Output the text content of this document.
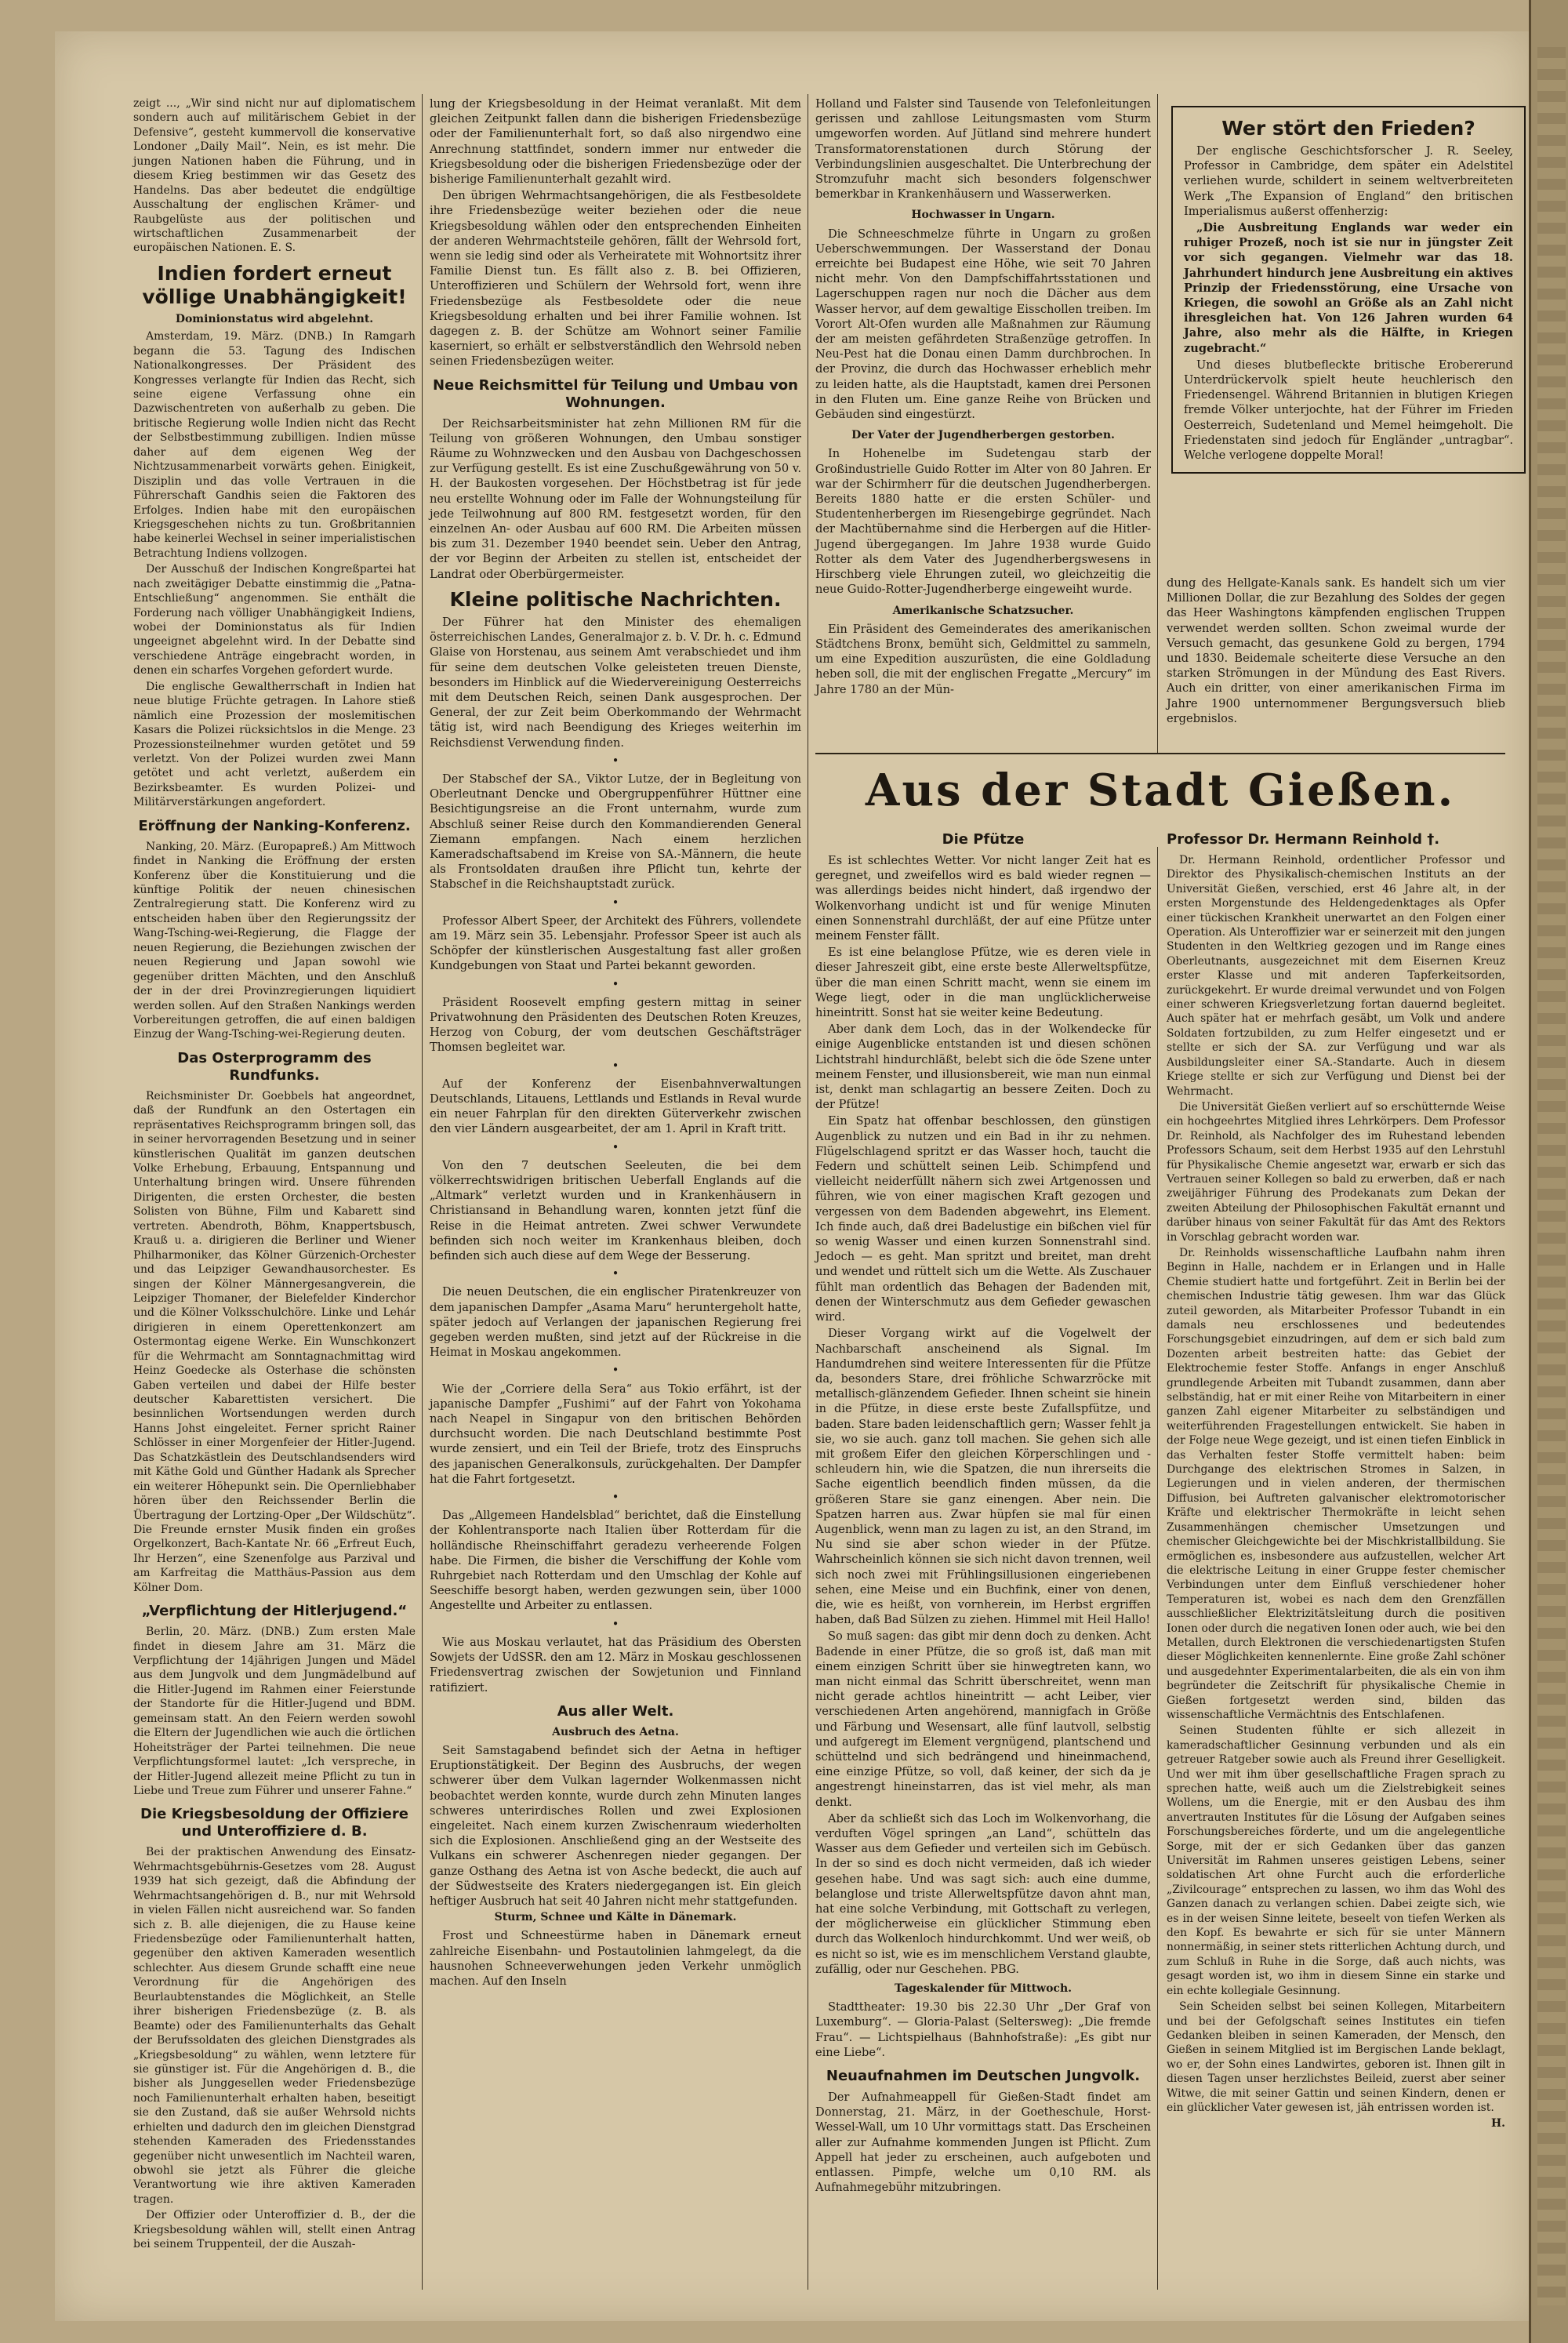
zeigt ..., „Wir sind nicht nur auf diplomatischem sondern auch auf militärischem Gebiet in der Defensive“, gesteht kummervoll die konservative Londoner „Daily Mail“. Nein, es ist mehr. Die jungen Nationen haben die Führung, und in diesem Krieg bestimmen wir das Gesetz des Handelns. Das aber bedeutet die endgültige Ausschaltung der englischen Krämer- und Raubgelüste aus der politischen und wirtschaftlichen Zusammenarbeit der europäischen Nationen. E. S.

Indien fordert erneut völlige Unabhängigkeit!
Dominionstatus wird abgelehnt.

Amsterdam, 19. März. (DNB.) In Ramgarh begann die 53. Tagung des Indischen Nationalkongresses. Der Präsident des Kongresses verlangte für Indien das Recht, sich seine eigene Verfassung ohne ein Dazwischentreten von außerhalb zu geben. Die britische Regierung wolle Indien nicht das Recht der Selbstbestimmung zubilligen. Indien müsse daher auf dem eigenen Weg der Nichtzusammenarbeit vorwärts gehen. Einigkeit, Disziplin und das volle Vertrauen in die Führerschaft Gandhis seien die Faktoren des Erfolges. Indien habe mit den europäischen Kriegsgeschehen nichts zu tun. Großbritannien habe keinerlei Wechsel in seiner imperialistischen Betrachtung Indiens vollzogen.

Der Ausschuß der Indischen Kongreßpartei hat nach zweitägiger Debatte einstimmig die „Patna-Entschließung“ angenommen. Sie enthält die Forderung nach völliger Unabhängigkeit Indiens, wobei der Dominionstatus als für Indien ungeeignet abgelehnt wird. In der Debatte sind verschiedene Anträge eingebracht worden, in denen ein scharfes Vorgehen gefordert wurde.

Die englische Gewaltherrschaft in Indien hat neue blutige Früchte getragen. In Lahore stieß nämlich eine Prozession der moslemitischen Kasars die Polizei rücksichtslos in die Menge. 23 Prozessionsteilnehmer wurden getötet und 59 verletzt. Von der Polizei wurden zwei Mann getötet und acht verletzt, außerdem ein Bezirksbeamter. Es wurden Polizei- und Militärverstärkungen angefordert.

Eröffnung der Nanking-Konferenz.

Nanking, 20. März. (Europapreß.) Am Mittwoch findet in Nanking die Eröffnung der ersten Konferenz über die Konstituierung und die künftige Politik der neuen chinesischen Zentralregierung statt. Die Konferenz wird zu entscheiden haben über den Regierungssitz der Wang-Tsching-wei-Regierung, die Flagge der neuen Regierung, die Beziehungen zwischen der neuen Regierung und Japan sowohl wie gegenüber dritten Mächten, und den Anschluß der in der drei Provinzregierungen liquidiert werden sollen. Auf den Straßen Nankings werden Vorbereitungen getroffen, die auf einen baldigen Einzug der Wang-Tsching-wei-Regierung deuten.

Das Osterprogramm des Rundfunks.

Reichsminister Dr. Goebbels hat angeordnet, daß der Rundfunk an den Ostertagen ein repräsentatives Reichsprogramm bringen soll, das in seiner hervorragenden Besetzung und in seiner künstlerischen Qualität im ganzen deutschen Volke Erhebung, Erbauung, Entspannung und Unterhaltung bringen wird. Unsere führenden Dirigenten, die ersten Orchester, die besten Solisten von Bühne, Film und Kabarett sind vertreten. Abendroth, Böhm, Knappertsbusch, Krauß u. a. dirigieren die Berliner und Wiener Philharmoniker, das Kölner Gürzenich-Orchester und das Leipziger Gewandhausorchester. Es singen der Kölner Männergesangverein, die Leipziger Thomaner, der Bielefelder Kinderchor und die Kölner Volksschulchöre. Linke und Lehár dirigieren in einem Operettenkonzert am Ostermontag eigene Werke. Ein Wunschkonzert für die Wehrmacht am Sonntagnachmittag wird Heinz Goedecke als Osterhase die schönsten Gaben verteilen und dabei der Hilfe bester deutscher Kabarettisten versichert. Die besinnlichen Wortsendungen werden durch Hanns Johst eingeleitet. Ferner spricht Rainer Schlösser in einer Morgenfeier der Hitler-Jugend. Das Schatzkästlein des Deutschlandsenders wird mit Käthe Gold und Günther Hadank als Sprecher ein weiterer Höhepunkt sein. Die Opernliebhaber hören über den Reichssender Berlin die Übertragung der Lortzing-Oper „Der Wildschütz“. Die Freunde ernster Musik finden ein großes Orgelkonzert, Bach-Kantate Nr. 66 „Erfreut Euch, Ihr Herzen“, eine Szenenfolge aus Parzival und am Karfreitag die Matthäus-Passion aus dem Kölner Dom.

„Verpflichtung der Hitlerjugend.“

Berlin, 20. März. (DNB.) Zum ersten Male findet in diesem Jahre am 31. März die Verpflichtung der 14jährigen Jungen und Mädel aus dem Jungvolk und dem Jungmädelbund auf die Hitler-Jugend im Rahmen einer Feierstunde der Standorte für die Hitler-Jugend und BDM. gemeinsam statt. An den Feiern werden sowohl die Eltern der Jugendlichen wie auch die örtlichen Hoheitsträger der Partei teilnehmen. Die neue Verpflichtungsformel lautet: „Ich verspreche, in der Hitler-Jugend allezeit meine Pflicht zu tun in Liebe und Treue zum Führer und unserer Fahne.“

Die Kriegsbesoldung der Offiziere und Unteroffiziere d. B.

Bei der praktischen Anwendung des Einsatz-Wehrmachtsgebührnis-Gesetzes vom 28. August 1939 hat sich gezeigt, daß die Abfindung der Wehrmachtsangehörigen d. B., nur mit Wehrsold in vielen Fällen nicht ausreichend war. So fanden sich z. B. alle diejenigen, die zu Hause keine Friedensbezüge oder Familienunterhalt hatten, gegenüber den aktiven Kameraden wesentlich schlechter. Aus diesem Grunde schafft eine neue Verordnung für die Angehörigen des Beurlaubtenstandes die Möglichkeit, an Stelle ihrer bisherigen Friedensbezüge (z. B. als Beamte) oder des Familienunterhalts das Gehalt der Berufssoldaten des gleichen Dienstgrades als „Kriegsbesoldung“ zu wählen, wenn letztere für sie günstiger ist. Für die Angehörigen d. B., die bisher als Junggesellen weder Friedensbezüge noch Familienunterhalt erhalten haben, beseitigt sie den Zustand, daß sie außer Wehrsold nichts erhielten und dadurch den im gleichen Dienstgrad stehenden Kameraden des Friedensstandes gegenüber nicht unwesentlich im Nachteil waren, obwohl sie jetzt als Führer die gleiche Verantwortung wie ihre aktiven Kameraden tragen.

Der Offizier oder Unteroffizier d. B., der die Kriegsbesoldung wählen will, stellt einen Antrag bei seinem Truppenteil, der die Auszah-

lung der Kriegsbesoldung in der Heimat veranlaßt. Mit dem gleichen Zeitpunkt fallen dann die bisherigen Friedensbezüge oder der Familienunterhalt fort, so daß also nirgendwo eine Anrechnung stattfindet, sondern immer nur entweder die Kriegsbesoldung oder die bisherigen Friedensbezüge oder der bisherige Familienunterhalt gezahlt wird.

Den übrigen Wehrmachtsangehörigen, die als Festbesoldete ihre Friedensbezüge weiter beziehen oder die neue Kriegsbesoldung wählen oder den entsprechenden Einheiten der anderen Wehrmachtsteile gehören, fällt der Wehrsold fort, wenn sie ledig sind oder als Verheiratete mit Wohnortsitz ihrer Familie Dienst tun. Es fällt also z. B. bei Offizieren, Unteroffizieren und Schülern der Wehrsold fort, wenn ihre Friedensbezüge als Festbesoldete oder die neue Kriegsbesoldung erhalten und bei ihrer Familie wohnen. Ist dagegen z. B. der Schütze am Wohnort seiner Familie kaserniert, so erhält er selbstverständlich den Wehrsold neben seinen Friedensbezügen weiter.

Neue Reichsmittel für Teilung und Umbau von Wohnungen.

Der Reichsarbeitsminister hat zehn Millionen RM für die Teilung von größeren Wohnungen, den Umbau sonstiger Räume zu Wohnzwecken und den Ausbau von Dachgeschossen zur Verfügung gestellt. Es ist eine Zuschußgewährung von 50 v. H. der Baukosten vorgesehen. Der Höchstbetrag ist für jede neu erstellte Wohnung oder im Falle der Wohnungsteilung für jede Teilwohnung auf 800 RM. festgesetzt worden, für den einzelnen An- oder Ausbau auf 600 RM. Die Arbeiten müssen bis zum 31. Dezember 1940 beendet sein. Ueber den Antrag, der vor Beginn der Arbeiten zu stellen ist, entscheidet der Landrat oder Oberbürgermeister.

Kleine politische Nachrichten.

Der Führer hat den Minister des ehemaligen österreichischen Landes, Generalmajor z. b. V. Dr. h. c. Edmund Glaise von Horstenau, aus seinem Amt verabschiedet und ihm für seine dem deutschen Volke geleisteten treuen Dienste, besonders im Hinblick auf die Wiedervereinigung Oesterreichs mit dem Deutschen Reich, seinen Dank ausgesprochen. Der General, der zur Zeit beim Oberkommando der Wehrmacht tätig ist, wird nach Beendigung des Krieges weiterhin im Reichsdienst Verwendung finden.

•

Der Stabschef der SA., Viktor Lutze, der in Begleitung von Oberleutnant Dencke und Obergruppenführer Hüttner eine Besichtigungsreise an die Front unternahm, wurde zum Abschluß seiner Reise durch den Kommandierenden General Ziemann empfangen. Nach einem herzlichen Kameradschaftsabend im Kreise von SA.-Männern, die heute als Frontsoldaten draußen ihre Pflicht tun, kehrte der Stabschef in die Reichshauptstadt zurück.

•

Professor Albert Speer, der Architekt des Führers, vollendete am 19. März sein 35. Lebensjahr. Professor Speer ist auch als Schöpfer der künstlerischen Ausgestaltung fast aller großen Kundgebungen von Staat und Partei bekannt geworden.

•

Präsident Roosevelt empfing gestern mittag in seiner Privatwohnung den Präsidenten des Deutschen Roten Kreuzes, Herzog von Coburg, der vom deutschen Geschäftsträger Thomsen begleitet war.

•

Auf der Konferenz der Eisenbahnverwaltungen Deutschlands, Litauens, Lettlands und Estlands in Reval wurde ein neuer Fahrplan für den direkten Güterverkehr zwischen den vier Ländern ausgearbeitet, der am 1. April in Kraft tritt.

•

Von den 7 deutschen Seeleuten, die bei dem völkerrechtswidrigen britischen Ueberfall Englands auf die „Altmark“ verletzt wurden und in Krankenhäusern in Christiansand in Behandlung waren, konnten jetzt fünf die Reise in die Heimat antreten. Zwei schwer Verwundete befinden sich noch weiter im Krankenhaus bleiben, doch befinden sich auch diese auf dem Wege der Besserung.

•

Die neuen Deutschen, die ein englischer Piratenkreuzer von dem japanischen Dampfer „Asama Maru“ heruntergeholt hatte, später jedoch auf Verlangen der japanischen Regierung frei gegeben werden mußten, sind jetzt auf der Rückreise in die Heimat in Moskau angekommen.

•

Wie der „Corriere della Sera“ aus Tokio erfährt, ist der japanische Dampfer „Fushimi“ auf der Fahrt von Yokohama nach Neapel in Singapur von den britischen Behörden durchsucht worden. Die nach Deutschland bestimmte Post wurde zensiert, und ein Teil der Briefe, trotz des Einspruchs des japanischen Generalkonsuls, zurückgehalten. Der Dampfer hat die Fahrt fortgesetzt.

•

Das „Allgemeen Handelsblad“ berichtet, daß die Einstellung der Kohlentransporte nach Italien über Rotterdam für die holländische Rheinschiffahrt geradezu verheerende Folgen habe. Die Firmen, die bisher die Verschiffung der Kohle vom Ruhrgebiet nach Rotterdam und den Umschlag der Kohle auf Seeschiffe besorgt haben, werden gezwungen sein, über 1000 Angestellte und Arbeiter zu entlassen.

•

Wie aus Moskau verlautet, hat das Präsidium des Obersten Sowjets der UdSSR. den am 12. März in Moskau geschlossenen Friedensvertrag zwischen der Sowjetunion und Finnland ratifiziert.

Aus aller Welt.
Ausbruch des Aetna.

Seit Samstagabend befindet sich der Aetna in heftiger Eruptionstätigkeit. Der Beginn des Ausbruchs, der wegen schwerer über dem Vulkan lagernder Wolkenmassen nicht beobachtet werden konnte, wurde durch zehn Minuten langes schweres unterirdisches Rollen und zwei Explosionen eingeleitet. Nach einem kurzen Zwischenraum wiederholten sich die Explosionen. Anschließend ging an der Westseite des Vulkans ein schwerer Aschenregen nieder gegangen. Der ganze Osthang des Aetna ist von Asche bedeckt, die auch auf der Südwestseite des Kraters niedergegangen ist. Ein gleich heftiger Ausbruch hat seit 40 Jahren nicht mehr stattgefunden.

Sturm, Schnee und Kälte in Dänemark.

Frost und Schneestürme haben in Dänemark erneut zahlreiche Eisenbahn- und Postautolinien lahmgelegt, da die hausnohen Schneeverwehungen jeden Verkehr unmöglich machen. Auf den Inseln

Holland und Falster sind Tausende von Telefonleitungen gerissen und zahllose Leitungsmasten vom Sturm umgeworfen worden. Auf Jütland sind mehrere hundert Transformatorenstationen durch Störung der Verbindungslinien ausgeschaltet. Die Unterbrechung der Stromzufuhr macht sich besonders folgenschwer bemerkbar in Krankenhäusern und Wasserwerken.

Hochwasser in Ungarn.

Die Schneeschmelze führte in Ungarn zu großen Ueberschwemmungen. Der Wasserstand der Donau erreichte bei Budapest eine Höhe, wie seit 70 Jahren nicht mehr. Von den Dampfschiffahrtsstationen und Lagerschuppen ragen nur noch die Dächer aus dem Wasser hervor, auf dem gewaltige Eisschollen treiben. Im Vorort Alt-Ofen wurden alle Maßnahmen zur Räumung der am meisten gefährdeten Straßenzüge getroffen. In Neu-Pest hat die Donau einen Damm durchbrochen. In der Provinz, die durch das Hochwasser erheblich mehr zu leiden hatte, als die Hauptstadt, kamen drei Personen in den Fluten um. Eine ganze Reihe von Brücken und Gebäuden sind eingestürzt.

Der Vater der Jugendherbergen gestorben.

In Hohenelbe im Sudetengau starb der Großindustrielle Guido Rotter im Alter von 80 Jahren. Er war der Schirmherr für die deutschen Jugendherbergen. Bereits 1880 hatte er die ersten Schüler- und Studentenherbergen im Riesengebirge gegründet. Nach der Machtübernahme sind die Herbergen auf die Hitler-Jugend übergegangen. Im Jahre 1938 wurde Guido Rotter als dem Vater des Jugendherbergswesens in Hirschberg viele Ehrungen zuteil, wo gleichzeitig die neue Guido-Rotter-Jugendherberge eingeweiht wurde.

Amerikanische Schatzsucher.

Ein Präsident des Gemeinderates des amerikanischen Städtchens Bronx, bemüht sich, Geldmittel zu sammeln, um eine Expedition auszurüsten, die eine Goldladung heben soll, die mit der englischen Fregatte „Mercury“ im Jahre 1780 an der Mün-

Wer stört den Frieden?

Der englische Geschichtsforscher J. R. Seeley, Professor in Cambridge, dem später ein Adelstitel verliehen wurde, schildert in seinem weltverbreiteten Werk „The Expansion of England“ den britischen Imperialismus außerst offenherzig:

„Die Ausbreitung Englands war weder ein ruhiger Prozeß, noch ist sie nur in jüngster Zeit vor sich gegangen. Vielmehr war das 18. Jahrhundert hindurch jene Ausbreitung ein aktives Prinzip der Friedensstörung, eine Ursache von Kriegen, die sowohl an Größe als an Zahl nicht ihresgleichen hat. Von 126 Jahren wurden 64 Jahre, also mehr als die Hälfte, in Kriegen zugebracht.“

Und dieses blutbefleckte britische Erobererund Unterdrückervolk spielt heute heuchlerisch den Friedensengel. Während Britannien in blutigen Kriegen fremde Völker unterjochte, hat der Führer im Frieden Oesterreich, Sudetenland und Memel heimgeholt. Die Friedenstaten sind jedoch für Engländer „untragbar“. Welche verlogene doppelte Moral!

dung des Hellgate-Kanals sank. Es handelt sich um vier Millionen Dollar, die zur Bezahlung des Soldes der gegen das Heer Washingtons kämpfenden englischen Truppen verwendet werden sollten. Schon zweimal wurde der Versuch gemacht, das gesunkene Gold zu bergen, 1794 und 1830. Beidemale scheiterte diese Versuche an den starken Strömungen in der Mündung des East Rivers. Auch ein dritter, von einer amerikanischen Firma im Jahre 1900 unternommener Bergungsversuch blieb ergebnislos.

Aus der Stadt Gießen.
Die Pfütze

Es ist schlechtes Wetter. Vor nicht langer Zeit hat es geregnet, und zweifellos wird es bald wieder regnen — was allerdings beides nicht hindert, daß irgendwo der Wolkenvorhang undicht ist und für wenige Minuten einen Sonnenstrahl durchläßt, der auf eine Pfütze unter meinem Fenster fällt.

Es ist eine belanglose Pfütze, wie es deren viele in dieser Jahreszeit gibt, eine erste beste Allerweltspfütze, über die man einen Schritt macht, wenn sie einem im Wege liegt, oder in die man unglücklicherweise hineintritt. Sonst hat sie weiter keine Bedeutung.

Aber dank dem Loch, das in der Wolkendecke für einige Augenblicke entstanden ist und diesen schönen Lichtstrahl hindurchläßt, belebt sich die öde Szene unter meinem Fenster, und illusionsbereit, wie man nun einmal ist, denkt man schlagartig an bessere Zeiten. Doch zu der Pfütze!

Ein Spatz hat offenbar beschlossen, den günstigen Augenblick zu nutzen und ein Bad in ihr zu nehmen. Flügelschlagend spritzt er das Wasser hoch, taucht die Federn und schüttelt seinen Leib. Schimpfend und vielleicht neiderfüllt nähern sich zwei Artgenossen und führen, wie von einer magischen Kraft gezogen und vergessen von dem Badenden abgewehrt, ins Element. Ich finde auch, daß drei Badelustige ein bißchen viel für so wenig Wasser und einen kurzen Sonnenstrahl sind. Jedoch — es geht. Man spritzt und breitet, man dreht und wendet und rüttelt sich um die Wette. Als Zuschauer fühlt man ordentlich das Behagen der Badenden mit, denen der Winterschmutz aus dem Gefieder gewaschen wird.

Dieser Vorgang wirkt auf die Vogelwelt der Nachbarschaft anscheinend als Signal. Im Handumdrehen sind weitere Interessenten für die Pfütze da, besonders Stare, drei fröhliche Schwarzröcke mit metallisch-glänzendem Gefieder. Ihnen scheint sie hinein in die Pfütze, in diese erste beste Zufallspfütze, und baden. Stare baden leidenschaftlich gern; Wasser fehlt ja sie, wo sie auch. ganz toll machen. Sie gehen sich alle mit großem Eifer den gleichen Körperschlingen und -schleudern hin, wie die Spatzen, die nun ihrerseits die Sache eigentlich beendlich finden müssen, da die größeren Stare sie ganz einengen. Aber nein. Die Spatzen harren aus. Zwar hüpfen sie mal für einen Augenblick, wenn man zu lagen zu ist, an den Strand, im Nu sind sie aber schon wieder in der Pfütze. Wahrscheinlich können sie sich nicht davon trennen, weil sich noch zwei mit Frühlingsillusionen eingeriebenen sehen, eine Meise und ein Buchfink, einer von denen, die, wie es heißt, von vornherein, im Herbst ergriffen haben, daß Bad Sülzen zu ziehen. Himmel mit Heil Hallo!

So muß sagen: das gibt mir denn doch zu denken. Acht Badende in einer Pfütze, die so groß ist, daß man mit einem einzigen Schritt über sie hinwegtreten kann, wo man nicht einmal das Schritt überschreitet, wenn man nicht gerade achtlos hineintritt — acht Leiber, vier verschiedenen Arten angehörend, mannigfach in Größe und Färbung und Wesensart, alle fünf lautvoll, selbstig und aufgeregt im Element vergnügend, plantschend und schüttelnd und sich bedrängend und hineinmachend, eine einzige Pfütze, so voll, daß keiner, der sich da je angestrengt hineinstarren, das ist viel mehr, als man denkt.

Aber da schließt sich das Loch im Wolkenvorhang, die verduften Vögel springen „an Land“, schütteln das Wasser aus dem Gefieder und verteilen sich im Gebüsch. In der so sind es doch nicht vermeiden, daß ich wieder gesehen habe. Und was sagt sich: auch eine dumme, belanglose und triste Allerweltspfütze davon ahnt man, hat eine solche Verbindung, mit Gottschaft zu verlegen, der möglicherweise ein glücklicher Stimmung eben durch das Wolkenloch hindurchkommt. Und wer weiß, ob es nicht so ist, wie es im menschlichem Verstand glaubte, zufällig, oder nur Geschehen. PBG.

Tageskalender für Mittwoch.

Stadttheater: 19.30 bis 22.30 Uhr „Der Graf von Luxemburg“. — Gloria-Palast (Seltersweg): „Die fremde Frau“. — Lichtspielhaus (Bahnhofstraße): „Es gibt nur eine Liebe“.

Neuaufnahmen im Deutschen Jungvolk.

Der Aufnahmeappell für Gießen-Stadt findet am Donnerstag, 21. März, in der Goetheschule, Horst-Wessel-Wall, um 10 Uhr vormittags statt. Das Erscheinen aller zur Aufnahme kommenden Jungen ist Pflicht. Zum Appell hat jeder zu erscheinen, auch aufgeboten und entlassen. Pimpfe, welche um 0,10 RM. als Aufnahmegebühr mitzubringen.

Professor Dr. Hermann Reinhold †.

Dr. Hermann Reinhold, ordentlicher Professor und Direktor des Physikalisch-chemischen Instituts an der Universität Gießen, verschied, erst 46 Jahre alt, in der ersten Morgenstunde des Heldengedenktages als Opfer einer tückischen Krankheit unerwartet an den Folgen einer Operation. Als Unteroffizier war er seinerzeit mit den jungen Studenten in den Weltkrieg gezogen und im Range eines Oberleutnants, ausgezeichnet mit dem Eisernen Kreuz erster Klasse und mit anderen Tapferkeitsorden, zurückgekehrt. Er wurde dreimal verwundet und von Folgen einer schweren Kriegsverletzung fortan dauernd begleitet. Auch später hat er mehrfach gesäbt, um Volk und andere Soldaten fortzubilden, zu zum Helfer eingesetzt und er stellte er sich der SA. zur Verfügung und war als Ausbildungsleiter einer SA.-Standarte. Auch in diesem Kriege stellte er sich zur Verfügung und Dienst bei der Wehrmacht.

Die Universität Gießen verliert auf so erschütternde Weise ein hochgeehrtes Mitglied ihres Lehrkörpers. Dem Professor Dr. Reinhold, als Nachfolger des im Ruhestand lebenden Professors Schaum, seit dem Herbst 1935 auf den Lehrstuhl für Physikalische Chemie angesetzt war, erwarb er sich das Vertrauen seiner Kollegen so bald zu erwerben, daß er nach zweijähriger Führung des Prodekanats zum Dekan der zweiten Abteilung der Philosophischen Fakultät ernannt und darüber hinaus von seiner Fakultät für das Amt des Rektors in Vorschlag gebracht worden war.

Dr. Reinholds wissenschaftliche Laufbahn nahm ihren Beginn in Halle, nachdem er in Erlangen und in Halle Chemie studiert hatte und fortgeführt. Zeit in Berlin bei der chemischen Industrie tätig gewesen. Ihm war das Glück zuteil geworden, als Mitarbeiter Professor Tubandt in ein damals neu erschlossenes und bedeutendes Forschungsgebiet einzudringen, auf dem er sich bald zum Dozenten arbeit bestreiten hatte: das Gebiet der Elektrochemie fester Stoffe. Anfangs in enger Anschluß grundlegende Arbeiten mit Tubandt zusammen, dann aber selbständig, hat er mit einer Reihe von Mitarbeitern in einer ganzen Zahl eigener Mitarbeiter zu selbständigen und weiterführenden Fragestellungen entwickelt. Sie haben in der Folge neue Wege gezeigt, und ist einen tiefen Einblick in das Verhalten fester Stoffe vermittelt haben: beim Durchgange des elektrischen Stromes in Salzen, in Legierungen und in vielen anderen, der thermischen Diffusion, bei Auftreten galvanischer elektromotorischer Kräfte und elektrischer Thermokräfte in leicht sehen Zusammenhängen chemischer Umsetzungen und chemischer Gleichgewichte bei der Mischkristallbildung. Sie ermöglichen es, insbesondere aus aufzustellen, welcher Art die elektrische Leitung in einer Gruppe fester chemischer Verbindungen unter dem Einfluß verschiedener hoher Temperaturen ist, wobei es nach dem den Grenzfällen ausschließlicher Elektrizitätsleitung durch die positiven Ionen oder durch die negativen Ionen oder auch, wie bei den Metallen, durch Elektronen die verschiedenartigsten Stufen dieser Möglichkeiten kennenlernte. Eine große Zahl schöner und ausgedehnter Experimentalarbeiten, die als ein von ihm begründeter die Zeitschrift für physikalische Chemie in Gießen fortgesetzt werden sind, bilden das wissenschaftliche Vermächtnis des Entschlafenen.

Seinen Studenten fühlte er sich allezeit in kameradschaftlicher Gesinnung verbunden und als ein getreuer Ratgeber sowie auch als Freund ihrer Geselligkeit. Und wer mit ihm über gesellschaftliche Fragen sprach zu sprechen hatte, weiß auch um die Zielstrebigkeit seines Wollens, um die Energie, mit er den Ausbau des ihm anvertrauten Institutes für die Lösung der Aufgaben seines Forschungsbereiches förderte, und um die angelegentliche Sorge, mit der er sich Gedanken über das ganzen Universität im Rahmen unseres geistigen Lebens, seiner soldatischen Art ohne Furcht auch die erforderliche „Zivilcourage“ entsprechen zu lassen, wo ihm das Wohl des Ganzen danach zu verlangen schien. Dabei zeigte sich, wie es in der weisen Sinne leitete, beseelt von tiefen Werken als den Kopf. Es bewahrte er sich für sie unter Männern nonnermäßig, in seiner stets ritterlichen Achtung durch, und zum Schluß in Ruhe in die Sorge, daß auch nichts, was gesagt worden ist, wo ihm in diesem Sinne ein starke und ein echte kollegiale Gesinnung.

Sein Scheiden selbst bei seinen Kollegen, Mitarbeitern und bei der Gefolgschaft seines Institutes ein tiefen Gedanken bleiben in seinen Kameraden, der Mensch, den Gießen in seinem Mitglied ist im Bergischen Lande beklagt, wo er, der Sohn eines Landwirtes, geboren ist. Ihnen gilt in diesen Tagen unser herzlichstes Beileid, zuerst aber seiner Witwe, die mit seiner Gattin und seinen Kindern, denen er ein glücklicher Vater gewesen ist, jäh entrissen worden ist.

H.
